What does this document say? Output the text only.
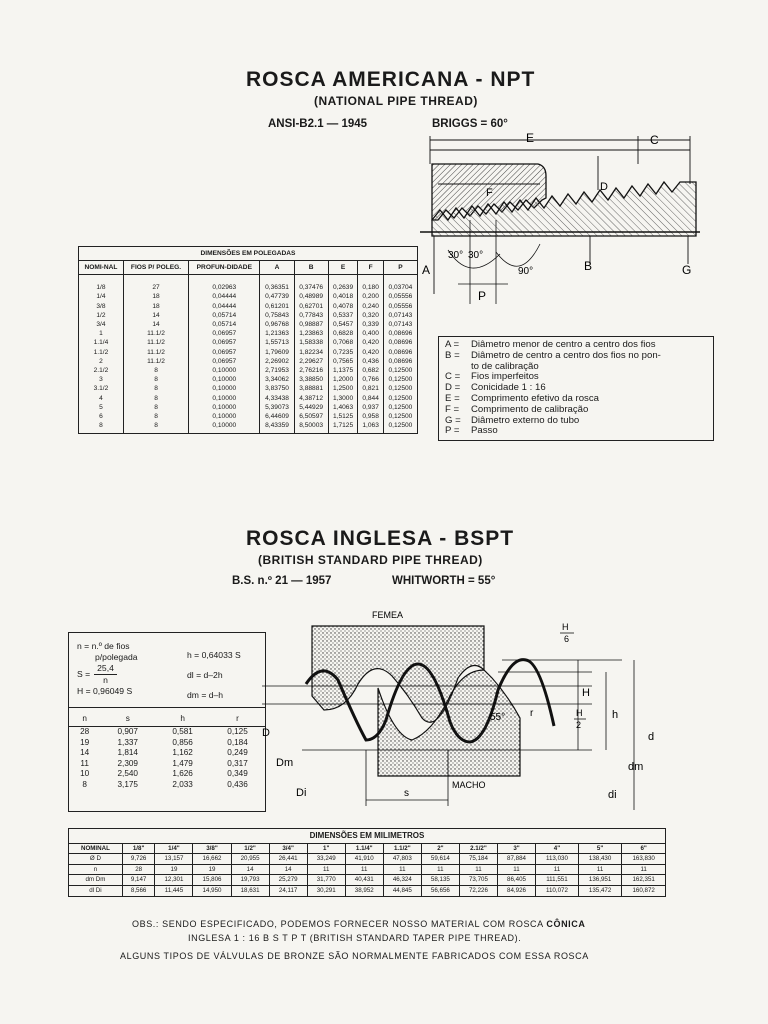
ROSCA AMERICANA - NPT
(NATIONAL PIPE THREAD)
ANSI-B2.1 — 1945	BRIGGS = 60°
E	C
D
F
A	B	G
30° 30°
90°
P
DIMENSÕES EM POLEGADAS							
NOMI-NAL	FIOS P/ POLEG.	PROFUN-DIDADE	A	B	E	F	P
1/8	27	0,02963	0,36351	0,37476	0,2639	0,180	0,03704
1/4	18	0,04444	0,47739	0,48989	0,4018	0,200	0,05556
3/8	18	0,04444	0,61201	0,62701	0,4078	0,240	0,05556
1/2	14	0,05714	0,75843	0,77843	0,5337	0,320	0,07143
3/4	14	0,05714	0,96768	0,98887	0,5457	0,339	0,07143
1	11.1/2	0,06957	1,21363	1,23863	0,6828	0,400	0,08696
1.1/4	11.1/2	0,06957	1,55713	1,58338	0,7068	0,420	0,08696
1.1/2	11.1/2	0,06957	1,79609	1,82234	0,7235	0,420	0,08696
2	11.1/2	0,06957	2,26902	2,29627	0,7565	0,436	0,08696
2.1/2	8	0,10000	2,71953	2,76216	1,1375	0,682	0,12500
3	8	0,10000	3,34062	3,38850	1,2000	0,766	0,12500
3.1/2	8	0,10000	3,83750	3,88881	1,2500	0,821	0,12500
4	8	0,10000	4,33438	4,38712	1,3000	0,844	0,12500
5	8	0,10000	5,39073	5,44929	1,4063	0,937	0,12500
6	8	0,10000	6,44609	6,50597	1,5125	0,958	0,12500
8	8	0,10000	8,43359	8,50003	1,7125	1,063	0,12500
A =	Diâmetro menor de centro a centro dos fios
B =	Diâmetro de centro a centro dos fios no pon-
to de calibração
C =	Fios imperfeitos
D =	Conicidade 1 : 16
E =	Comprimento efetivo da rosca
F =	Comprimento de calibração
G =	Diâmetro externo do tubo
P =	Passo
ROSCA INGLESA - BSPT
(BRITISH STANDARD PIPE THREAD)
B.S. n.º 21 — 1957	WHITWORTH = 55°
n = n.º de fios
p/polegada
$S = \frac{25,4}{n}$
H = 0,96049 S
h = 0,64033 S
dl = d–2h
dm = d–h
n	s	h	r
28	0,907	0,581	0,125
19	1,337	0,856	0,184
14	1,814	1,162	0,249
11	2,309	1,479	0,317
10	2,540	1,626	0,349
8	3,175	2,033	0,436
FEMEA
MACHO
H
6
H
H
2
h
d
D
Dm
Di
dm
di
s
55° r
DIMENSÕES EM MILIMETROS														
NOMINAL	1/8"	1/4"	3/8"	1/2"	3/4"	1"	1.1/4"	1.1/2"	2"	2.1/2"	3"	4"	5"	6"
Ø D	9,726	13,157	16,662	20,955	26,441	33,249	41,910	47,803	59,614	75,184	87,884	113,030	138,430	163,830
n	28	19	19	14	14	11	11	11	11	11	11	11	11	11
dm Dm	9,147	12,301	15,806	19,793	25,279	31,770	40,431	46,324	58,135	73,705	86,405	111,551	136,951	162,351
dl Di	8,566	11,445	14,950	18,631	24,117	30,291	38,952	44,845	56,656	72,226	84,926	110,072	135,472	160,872
OBS.: SENDO ESPECIFICADO, PODEMOS FORNECER NOSSO MATERIAL COM ROSCA CÔNICA
INGLESA 1 : 16 B S T P T (BRITISH STANDARD TAPER PIPE THREAD).
ALGUNS TIPOS DE VÁLVULAS DE BRONZE SÃO NORMALMENTE FABRICADOS COM ESSA ROSCA
